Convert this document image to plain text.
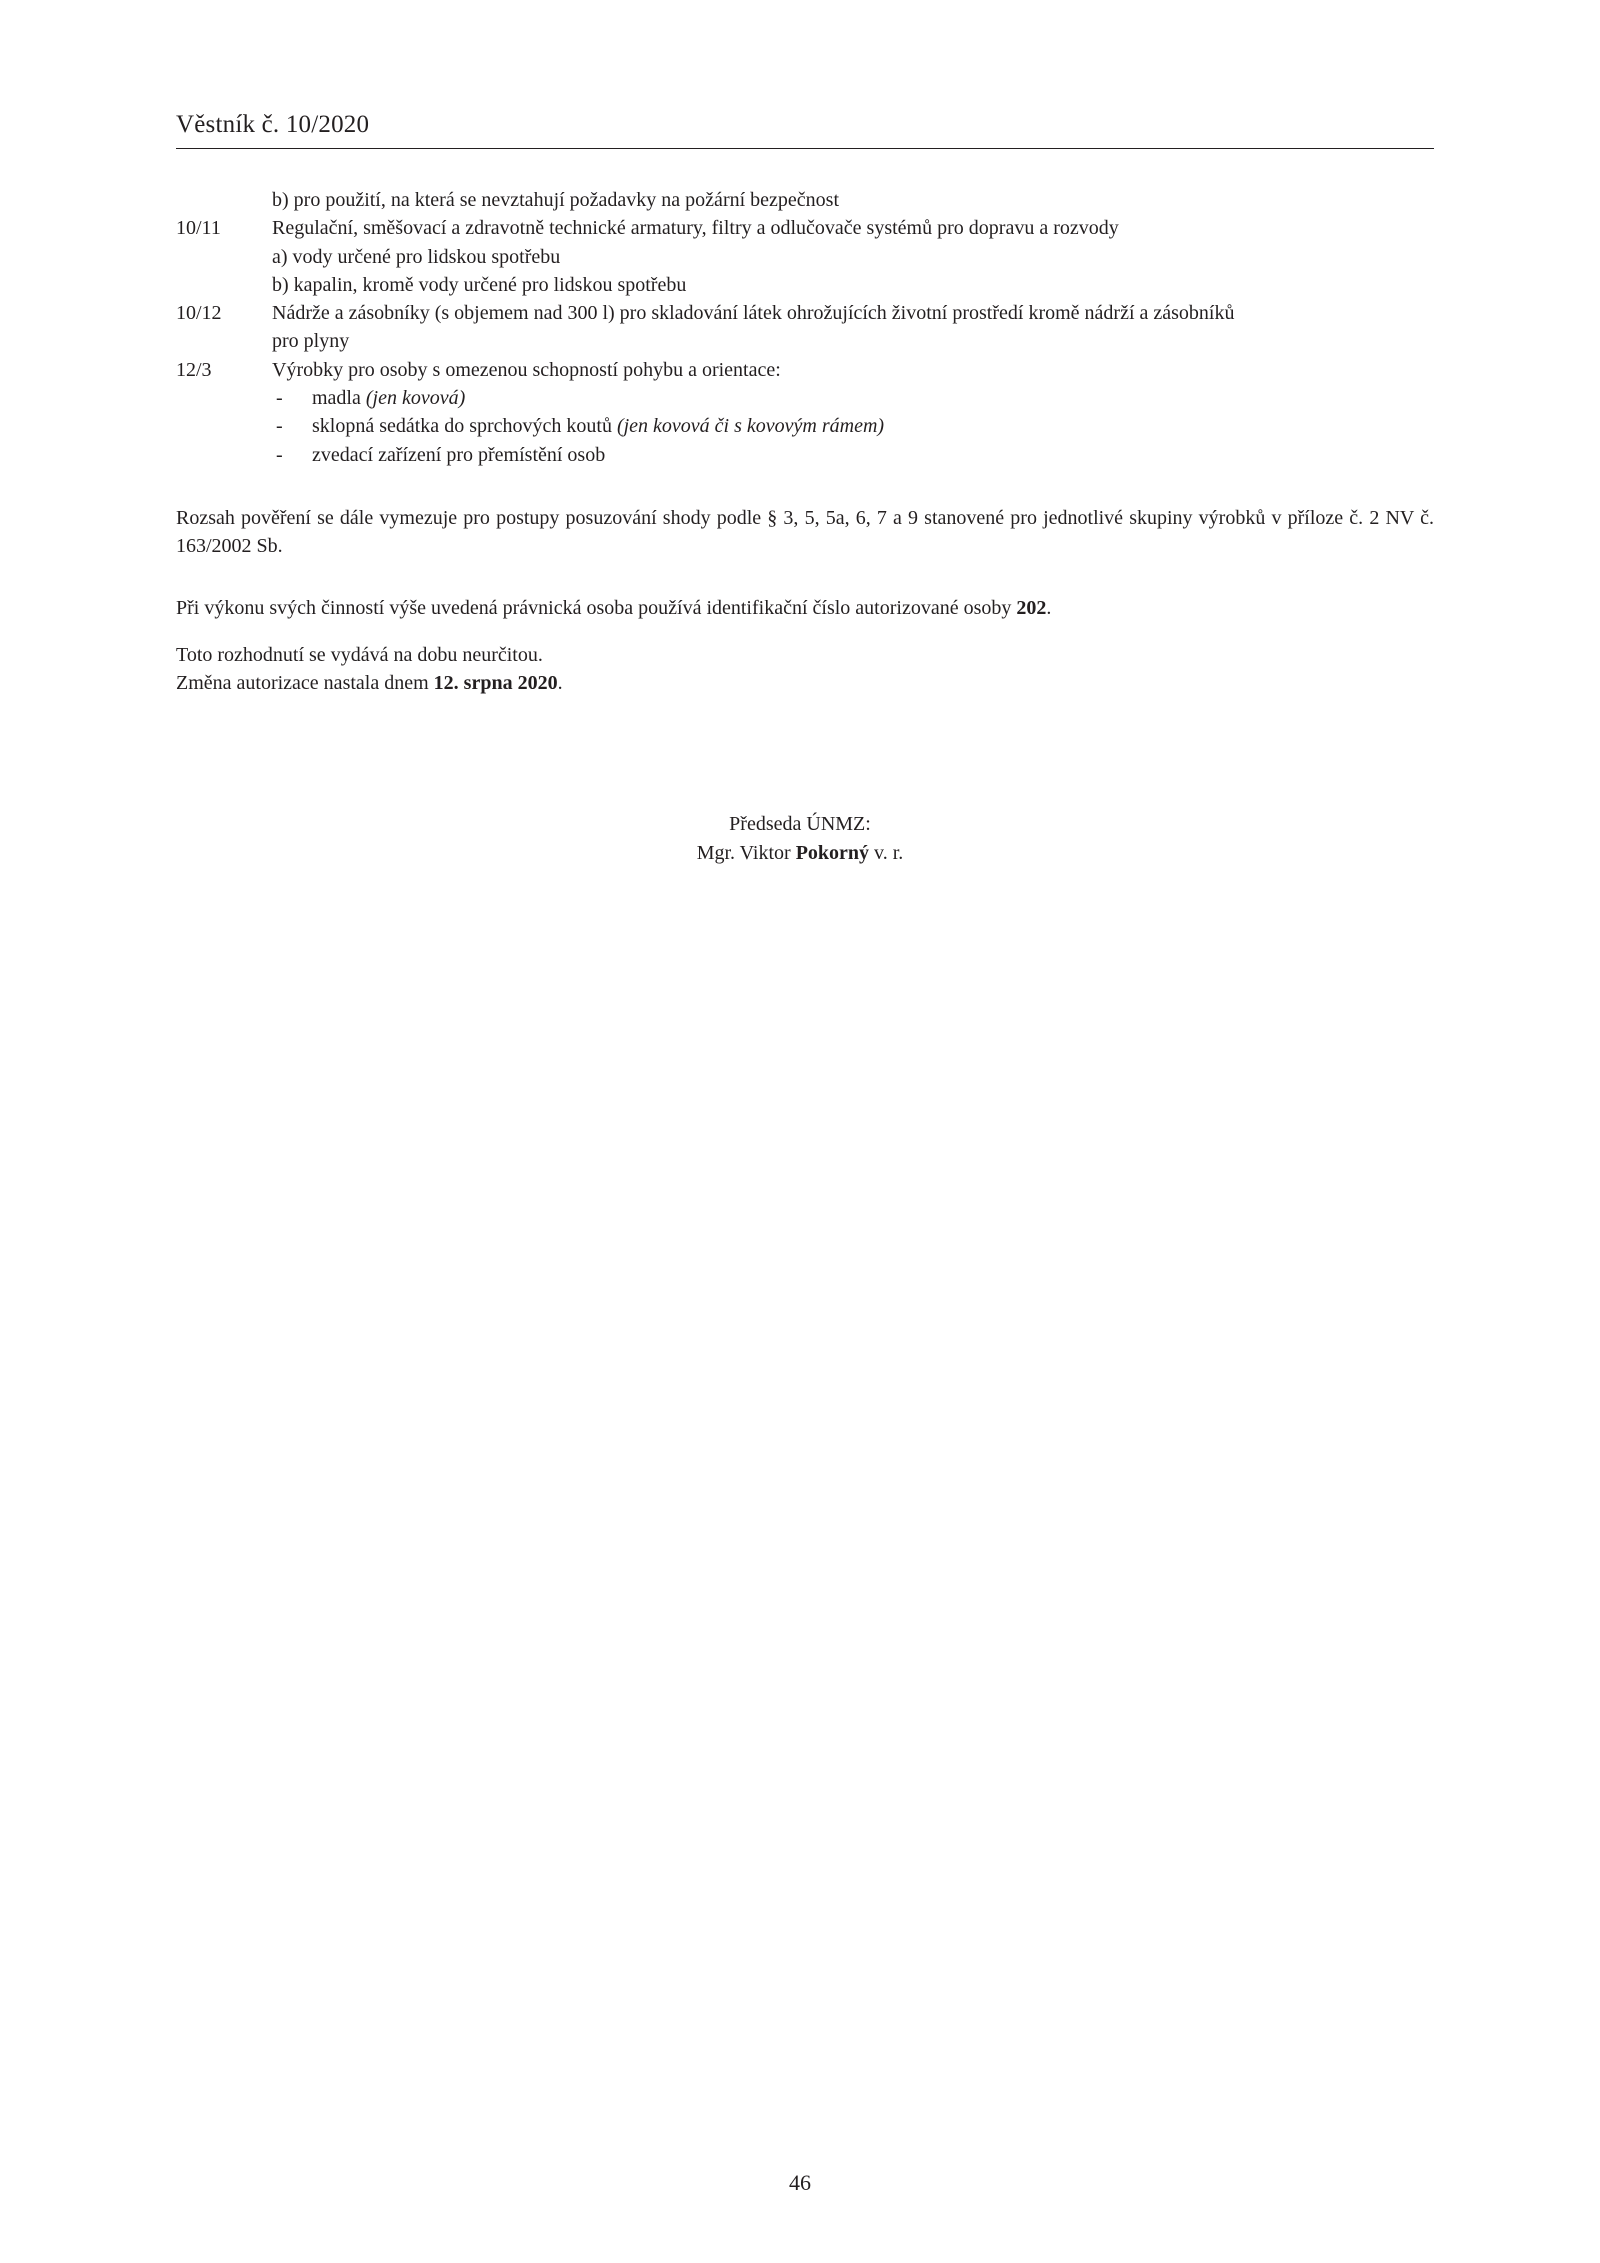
Věstník č. 10/2020
b) pro použití, na která se nevztahují požadavky na požární bezpečnost
10/11	Regulační, směšovací a zdravotně technické armatury, filtry a odlučovače systémů pro dopravu a rozvody
a) vody určené pro lidskou spotřebu
b) kapalin, kromě vody určené pro lidskou spotřebu
10/12	Nádrže a zásobníky (s objemem nad 300 l) pro skladování látek ohrožujících životní prostředí kromě nádrží a zásobníků
pro plyny
12/3	Výrobky pro osoby s omezenou schopností pohybu a orientace:
- madla (jen kovová)
- sklopná sedátka do sprchových koutů (jen kovová či s kovovým rámem)
- zvedací zařízení pro přemístění osob
Rozsah pověření se dále vymezuje pro postupy posuzování shody podle § 3, 5, 5a, 6, 7 a 9 stanovené pro jednotlivé skupiny výrobků v příloze č. 2 NV č. 163/2002 Sb.
Při výkonu svých činností výše uvedená právnická osoba používá identifikační číslo autorizované osoby 202.
Toto rozhodnutí se vydává na dobu neurčitou.
Změna autorizace nastala dnem 12. srpna 2020.
Předseda ÚNMZ:
Mgr. Viktor Pokorný v. r.
46
